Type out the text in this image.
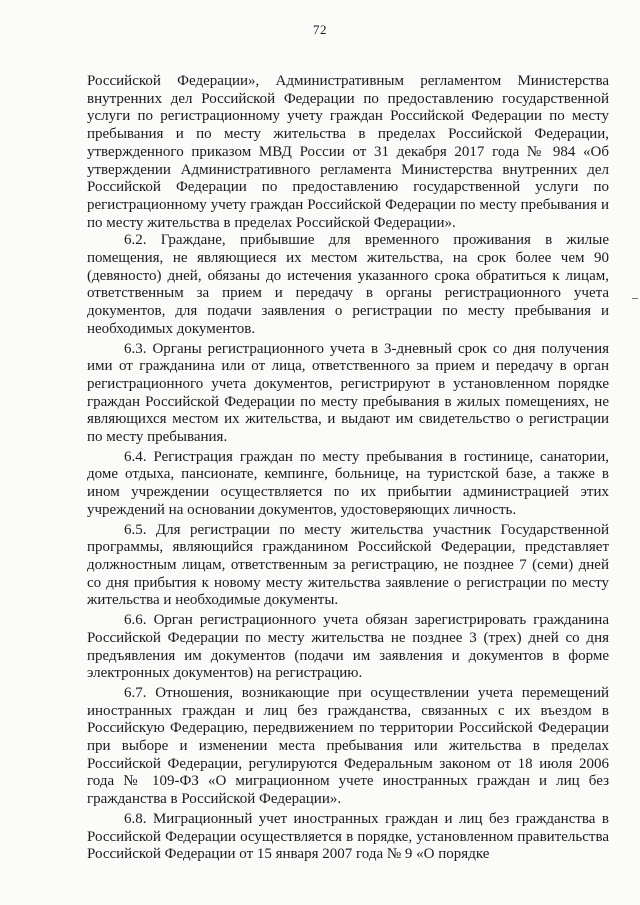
72

Российской Федерации», Административным регламентом Министерства внутренних дел Российской Федерации по предоставлению государственной услуги по регистрационному учету граждан Российской Федерации по месту пребывания и по месту жительства в пределах Российской Федерации, утвержденного приказом МВД России от 31 декабря 2017 года № 984 «Об утверждении Административного регламента Министерства внутренних дел Российской Федерации по предоставлению государственной услуги по регистрационному учету граждан Российской Федерации по месту пребывания и по месту жительства в пределах Российской Федерации».

6.2. Граждане, прибывшие для временного проживания в жилые помещения, не являющиеся их местом жительства, на срок более чем 90 (девяносто) дней, обязаны до истечения указанного срока обратиться к лицам, ответственным за прием и передачу в органы регистрационного учета документов, для подачи заявления о регистрации по месту пребывания и необходимых документов.

6.3. Органы регистрационного учета в 3-дневный срок со дня получения ими от гражданина или от лица, ответственного за прием и передачу в орган регистрационного учета документов, регистрируют в установленном порядке граждан Российской Федерации по месту пребывания в жилых помещениях, не являющихся местом их жительства, и выдают им свидетельство о регистрации по месту пребывания.

6.4. Регистрация граждан по месту пребывания в гостинице, санатории, доме отдыха, пансионате, кемпинге, больнице, на туристской базе, а также в ином учреждении осуществляется по их прибытии администрацией этих учреждений на основании документов, удостоверяющих личность.

6.5. Для регистрации по месту жительства участник Государственной программы, являющийся гражданином Российской Федерации, представляет должностным лицам, ответственным за регистрацию, не позднее 7 (семи) дней со дня прибытия к новому месту жительства заявление о регистрации по месту жительства и необходимые документы.

6.6. Орган регистрационного учета обязан зарегистрировать гражданина Российской Федерации по месту жительства не позднее 3 (трех) дней со дня предъявления им документов (подачи им заявления и документов в форме электронных документов) на регистрацию.

6.7. Отношения, возникающие при осуществлении учета перемещений иностранных граждан и лиц без гражданства, связанных с их въездом в Российскую Федерацию, передвижением по территории Российской Федерации при выборе и изменении места пребывания или жительства в пределах Российской Федерации, регулируются Федеральным законом от 18 июля 2006 года № 109-ФЗ «О миграционном учете иностранных граждан и лиц без гражданства в Российской Федерации».

6.8. Миграционный учет иностранных граждан и лиц без гражданства в Российской Федерации осуществляется в порядке, установленном правительства Российской Федерации от 15 января 2007 года № 9 «О порядке
